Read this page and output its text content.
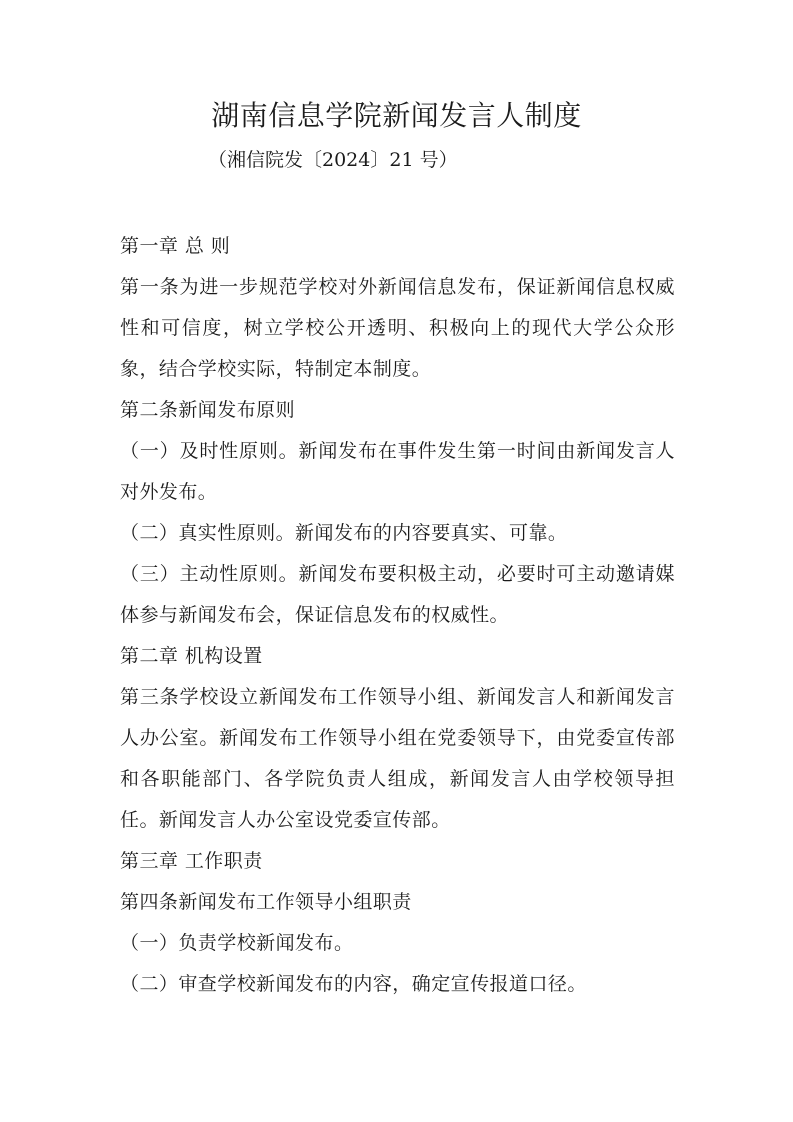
湖南信息学院新闻发言人制度
（湘信院发〔2024〕21 号）

第一章 总 则

第一条为进一步规范学校对外新闻信息发布，保证新闻信息权威性和可信度，树立学校公开透明、积极向上的现代大学公众形象，结合学校实际，特制定本制度。

第二条新闻发布原则

（一）及时性原则。新闻发布在事件发生第一时间由新闻发言人对外发布。

（二）真实性原则。新闻发布的内容要真实、可靠。

（三）主动性原则。新闻发布要积极主动，必要时可主动邀请媒体参与新闻发布会，保证信息发布的权威性。

第二章 机构设置

第三条学校设立新闻发布工作领导小组、新闻发言人和新闻发言人办公室。新闻发布工作领导小组在党委领导下，由党委宣传部和各职能部门、各学院负责人组成，新闻发言人由学校领导担任。新闻发言人办公室设党委宣传部。

第三章 工作职责

第四条新闻发布工作领导小组职责

（一）负责学校新闻发布。

（二）审查学校新闻发布的内容，确定宣传报道口径。
